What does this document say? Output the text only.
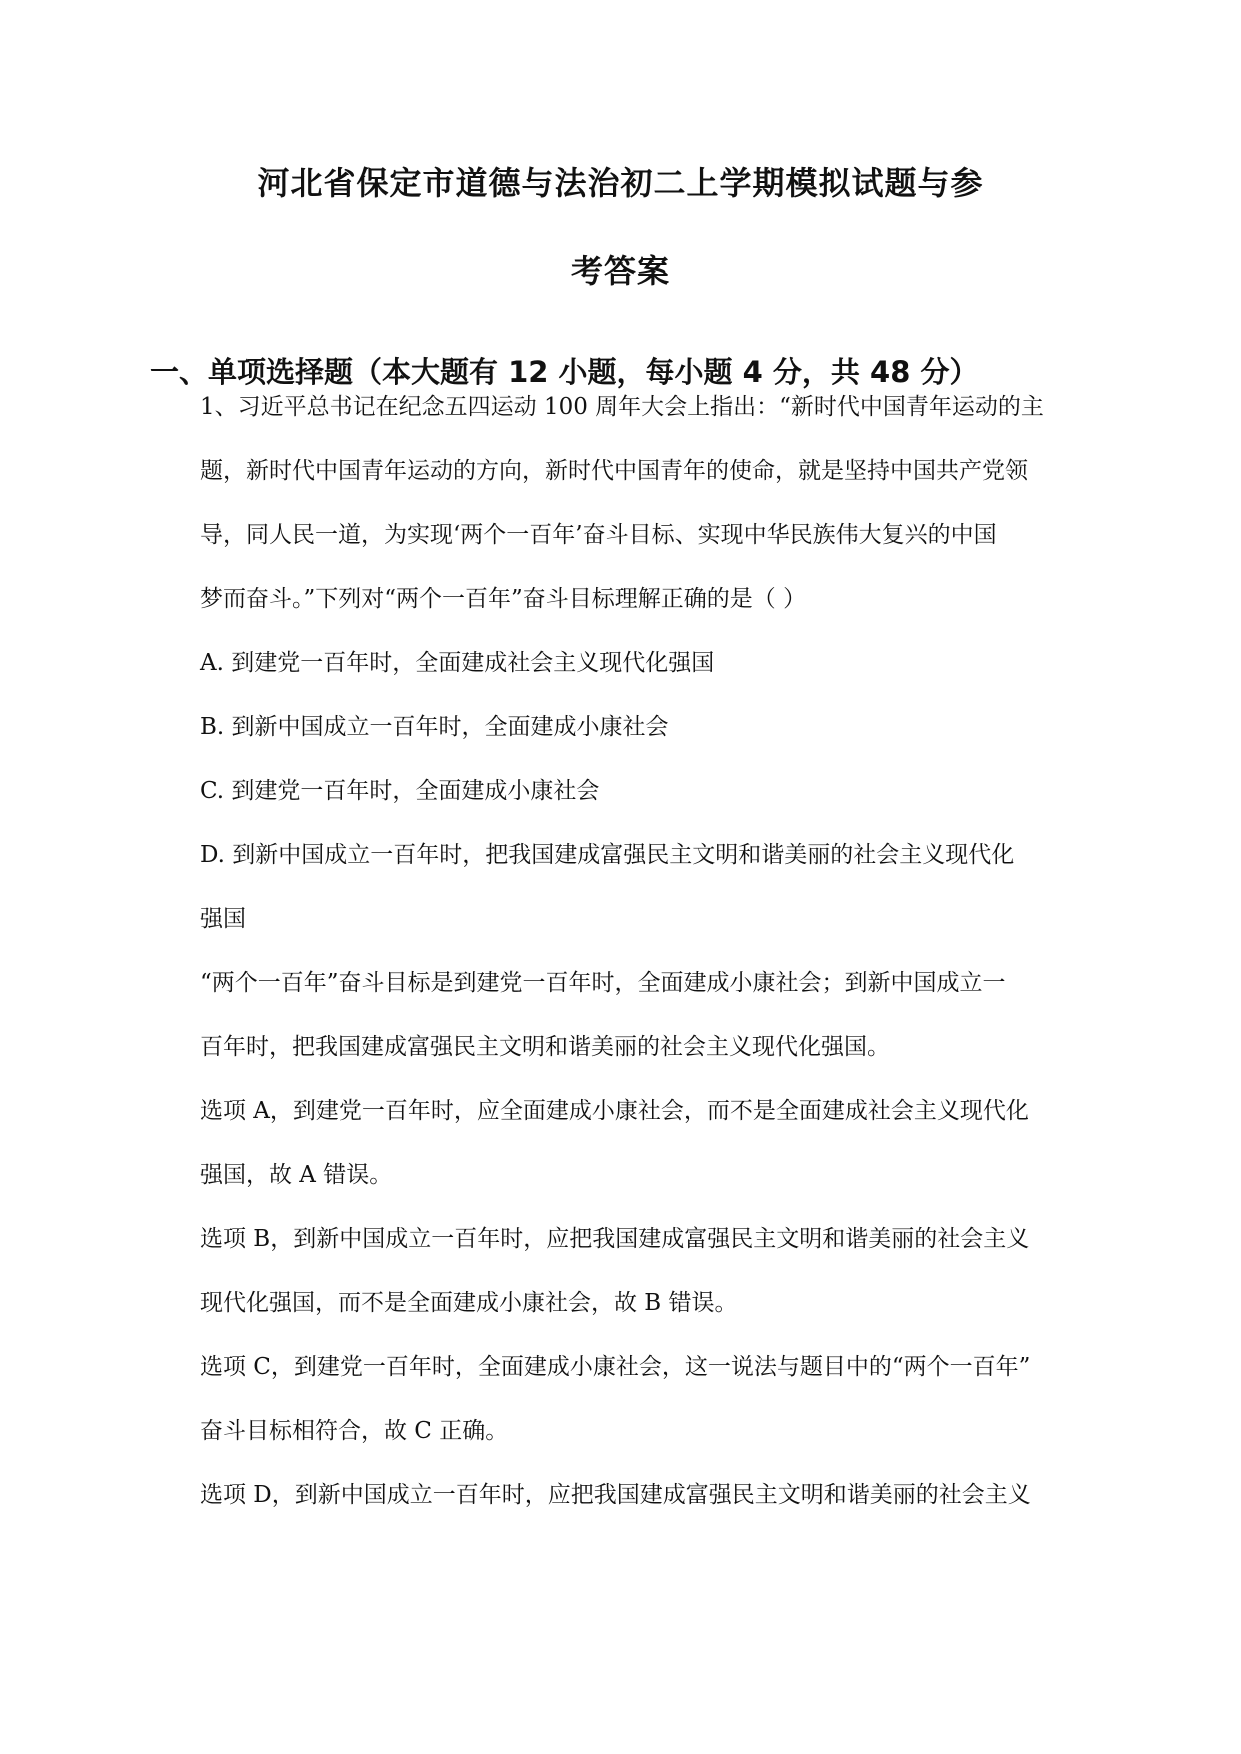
河北省保定市道德与法治初二上学期模拟试题与参
考答案
一、单项选择题（本大题有 12 小题，每小题 4 分，共 48 分）
1、习近平总书记在纪念五四运动 100 周年大会上指出：“新时代中国青年运动的主
题，新时代中国青年运动的方向，新时代中国青年的使命，就是坚持中国共产党领
导，同人民一道，为实现‘两个一百年’奋斗目标、实现中华民族伟大复兴的中国
梦而奋斗。”下列对“两个一百年”奋斗目标理解正确的是（ ）
A. 到建党一百年时，全面建成社会主义现代化强国
B. 到新中国成立一百年时，全面建成小康社会
C. 到建党一百年时，全面建成小康社会
D. 到新中国成立一百年时，把我国建成富强民主文明和谐美丽的社会主义现代化
强国
“两个一百年”奋斗目标是到建党一百年时，全面建成小康社会；到新中国成立一
百年时，把我国建成富强民主文明和谐美丽的社会主义现代化强国。
选项 A，到建党一百年时，应全面建成小康社会，而不是全面建成社会主义现代化
强国，故 A 错误。
选项 B，到新中国成立一百年时，应把我国建成富强民主文明和谐美丽的社会主义
现代化强国，而不是全面建成小康社会，故 B 错误。
选项 C，到建党一百年时，全面建成小康社会，这一说法与题目中的“两个一百年”
奋斗目标相符合，故 C 正确。
选项 D，到新中国成立一百年时，应把我国建成富强民主文明和谐美丽的社会主义
